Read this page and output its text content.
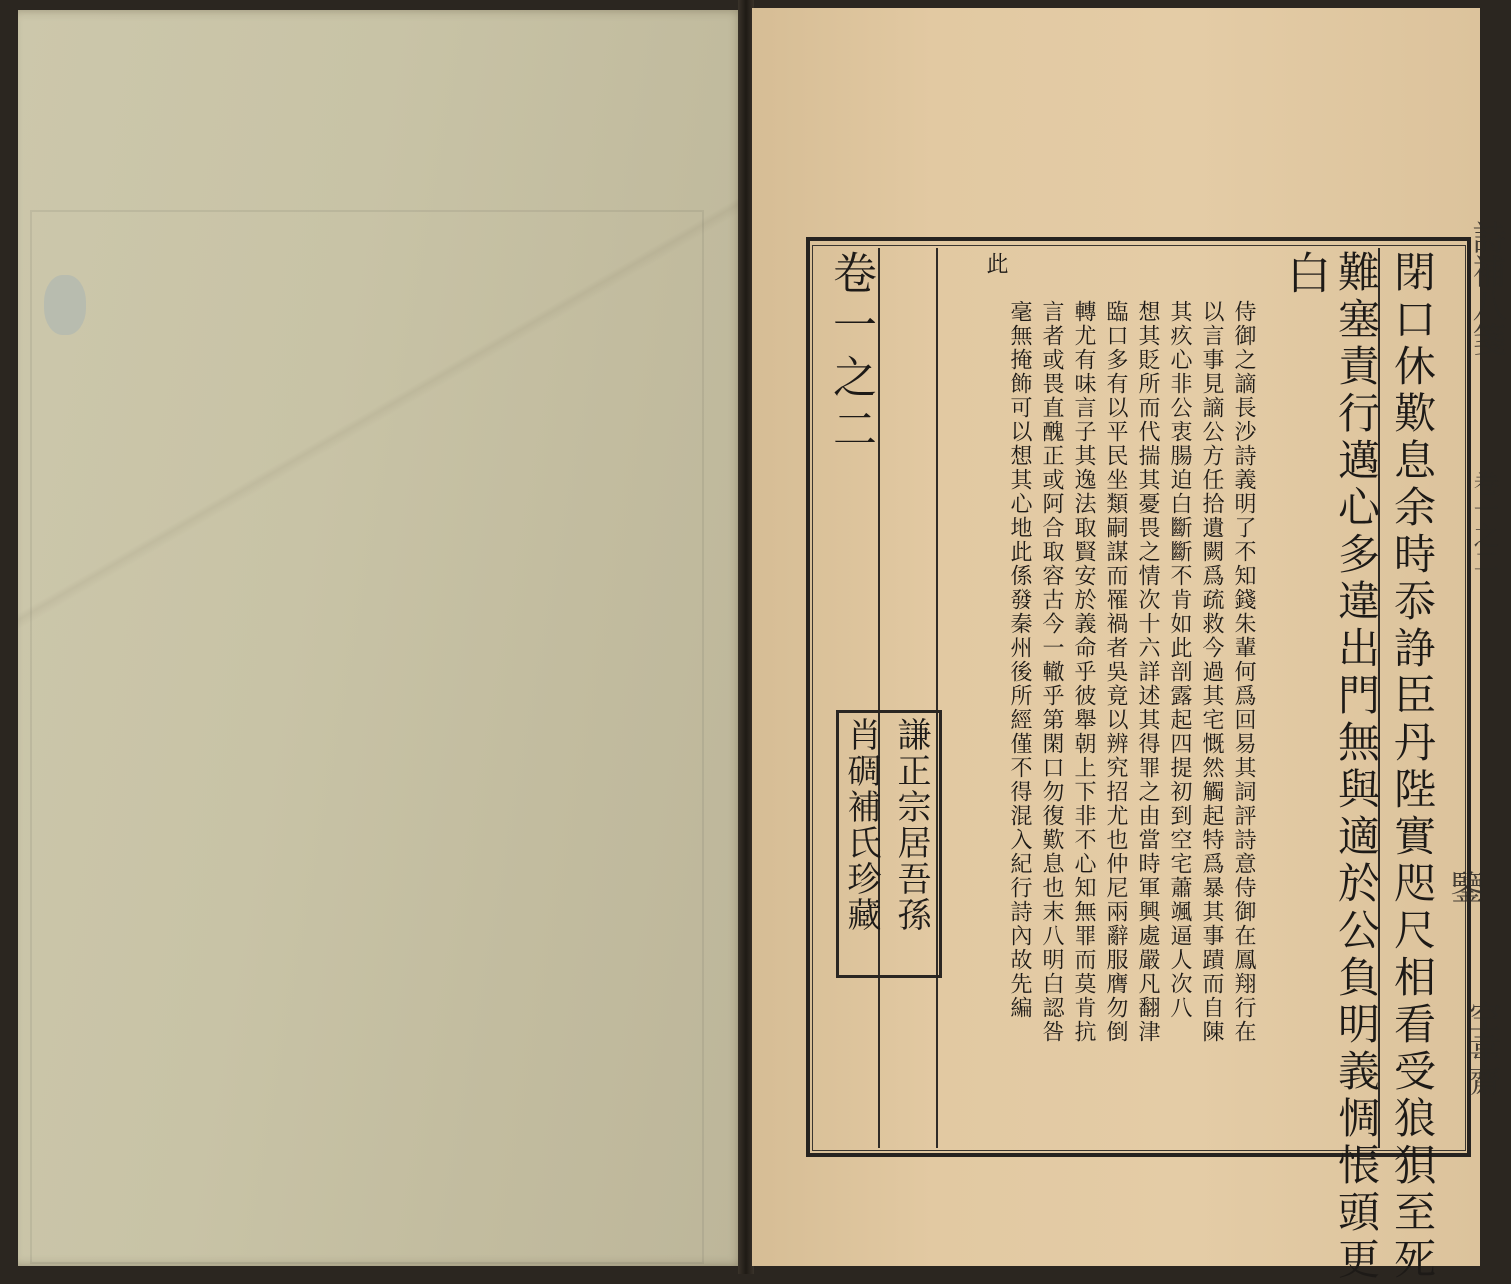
卷一之二
謙正宗居吾孫
肖碉補氏珍藏	閉口休歎息余時忝諍臣丹陛實咫尺相看受狼狽至死
難塞責行邁心多違出門無與適於公負明義惆悵頭更
白
侍御之謫長沙詩義明了不知錢朱輩何爲回易其詞評詩意侍御在鳳翔行在
以言事見謫公方任拾遺闕爲疏救今過其宅慨然觸起特爲暴其事蹟而自陳
其疚心非公衷腸迫白斷斷不肯如此剖露起四提初到空宅蕭颯逼人次八
想其貶所而代揣其憂畏之情次十六詳述其得罪之由當時軍興處嚴凡翻津
臨口多有以平民坐類嗣謀而罹禍者吳竟以辨究招尤也仲尼兩辭服膺勿倒
轉尤有味言子其逸法取賢安於義命乎彼舉朝上下非不心知無罪而莫肯抗
言者或畏直醜正或阿合取容古今一轍乎第閑口勿復歎息也末八明白認咎
毫無掩飾可以想其心地此係發秦州後所經僅不得混入紀行詩內故先編
此	詩補八箋
卷一之二
鑒
空韋齋
